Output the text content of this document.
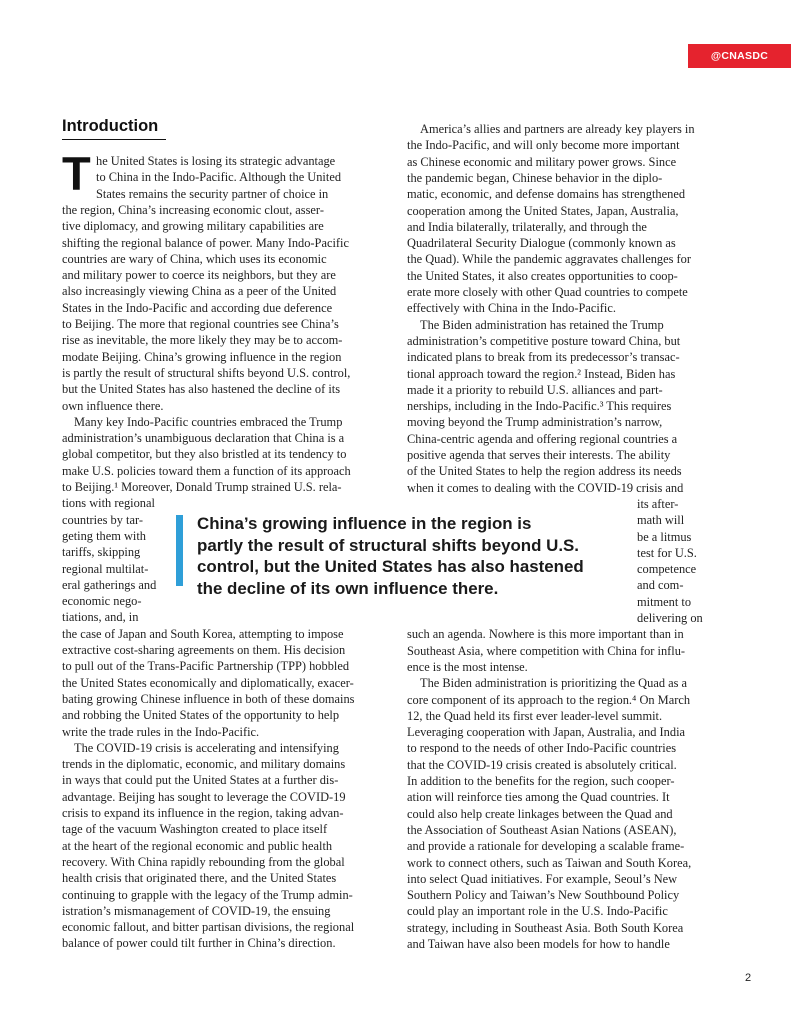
@CNASDC
Introduction
T he United States is losing its strategic advantage
to China in the Indo-Pacific. Although the United
States remains the security partner of choice in
the region, China’s increasing economic clout, asser-
tive diplomacy, and growing military capabilities are
shifting the regional balance of power. Many Indo-Pacific
countries are wary of China, which uses its economic
and military power to coerce its neighbors, but they are
also increasingly viewing China as a peer of the United
States in the Indo-Pacific and according due deference
to Beijing. The more that regional countries see China’s
rise as inevitable, the more likely they may be to accom-
modate Beijing. China’s growing influence in the region
is partly the result of structural shifts beyond U.S. control,
but the United States has also hastened the decline of its
own influence there.
Many key Indo-Pacific countries embraced the Trump
administration’s unambiguous declaration that China is a
global competitor, but they also bristled at its tendency to
make U.S. policies toward them a function of its approach
to Beijing.¹ Moreover, Donald Trump strained U.S. rela-
tions with regional
countries by tar-
geting them with
tariffs, skipping
regional multilat-
eral gatherings and
economic nego-
tiations, and, in
the case of Japan and South Korea, attempting to impose
extractive cost-sharing agreements on them. His decision
to pull out of the Trans-Pacific Partnership (TPP) hobbled
the United States economically and diplomatically, exacer-
bating growing Chinese influence in both of these domains
and robbing the United States of the opportunity to help
write the trade rules in the Indo-Pacific.
The COVID-19 crisis is accelerating and intensifying
trends in the diplomatic, economic, and military domains
in ways that could put the United States at a further dis-
advantage. Beijing has sought to leverage the COVID-19
crisis to expand its influence in the region, taking advan-
tage of the vacuum Washington created to place itself
at the heart of the regional economic and public health
recovery. With China rapidly rebounding from the global
health crisis that originated there, and the United States
continuing to grapple with the legacy of the Trump admin-
istration’s mismanagement of COVID-19, the ensuing
economic fallout, and bitter partisan divisions, the regional
balance of power could tilt further in China’s direction.
America’s allies and partners are already key players in
the Indo-Pacific, and will only become more important
as Chinese economic and military power grows. Since
the pandemic began, Chinese behavior in the diplo-
matic, economic, and defense domains has strengthened
cooperation among the United States, Japan, Australia,
and India bilaterally, trilaterally, and through the
Quadrilateral Security Dialogue (commonly known as
the Quad). While the pandemic aggravates challenges for
the United States, it also creates opportunities to coop-
erate more closely with other Quad countries to compete
effectively with China in the Indo-Pacific.
The Biden administration has retained the Trump
administration’s competitive posture toward China, but
indicated plans to break from its predecessor’s transac-
tional approach toward the region.² Instead, Biden has
made it a priority to rebuild U.S. alliances and part-
nerships, including in the Indo-Pacific.³ This requires
moving beyond the Trump administration’s narrow,
China-centric agenda and offering regional countries a
positive agenda that serves their interests. The ability
of the United States to help the region address its needs
when it comes to dealing with the COVID-19 crisis and
its after-
math will
be a litmus
test for U.S.
competence
and com-
mitment to
delivering on
such an agenda. Nowhere is this more important than in
Southeast Asia, where competition with China for influ-
ence is the most intense.
The Biden administration is prioritizing the Quad as a
core component of its approach to the region.⁴ On March
12, the Quad held its first ever leader-level summit.
Leveraging cooperation with Japan, Australia, and India
to respond to the needs of other Indo-Pacific countries
that the COVID-19 crisis created is absolutely critical.
In addition to the benefits for the region, such cooper-
ation will reinforce ties among the Quad countries. It
could also help create linkages between the Quad and
the Association of Southeast Asian Nations (ASEAN),
and provide a rationale for developing a scalable frame-
work to connect others, such as Taiwan and South Korea,
into select Quad initiatives. For example, Seoul’s New
Southern Policy and Taiwan’s New Southbound Policy
could play an important role in the U.S. Indo-Pacific
strategy, including in Southeast Asia. Both South Korea
and Taiwan have also been models for how to handle
China’s growing influence in the region is
partly the result of structural shifts beyond U.S.
control, but the United States has also hastened
the decline of its own influence there.
2
